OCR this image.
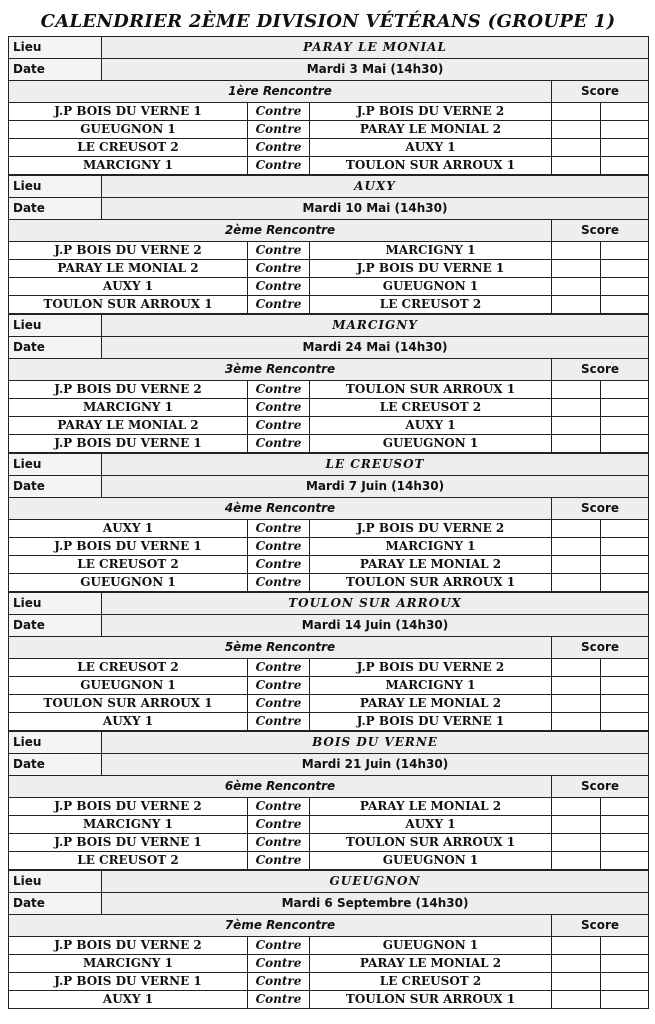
CALENDRIER 2ÈME DIVISION VÉTÉRANS (GROUPE 1)
Lieu	PARAY LE MONIAL				
Date	Mardi 3 Mai (14h30)				
1ère Rencontre				Score	
J.P BOIS DU VERNE 1		Contre	J.P BOIS DU VERNE 2		
GUEUGNON 1		Contre	PARAY LE MONIAL 2		
LE CREUSOT 2		Contre	AUXY 1		
MARCIGNY 1		Contre	TOULON SUR ARROUX 1		
Lieu	AUXY				
Date	Mardi 10 Mai (14h30)				
2ème Rencontre				Score	
J.P BOIS DU VERNE 2		Contre	MARCIGNY 1		
PARAY LE MONIAL 2		Contre	J.P BOIS DU VERNE 1		
AUXY 1		Contre	GUEUGNON 1		
TOULON SUR ARROUX 1		Contre	LE CREUSOT 2		
Lieu	MARCIGNY				
Date	Mardi 24 Mai (14h30)				
3ème Rencontre				Score	
J.P BOIS DU VERNE 2		Contre	TOULON SUR ARROUX 1		
MARCIGNY 1		Contre	LE CREUSOT 2		
PARAY LE MONIAL 2		Contre	AUXY 1		
J.P BOIS DU VERNE 1		Contre	GUEUGNON 1		
Lieu	LE CREUSOT				
Date	Mardi 7 Juin (14h30)				
4ème Rencontre				Score	
AUXY 1		Contre	J.P BOIS DU VERNE 2		
J.P BOIS DU VERNE 1		Contre	MARCIGNY 1		
LE CREUSOT 2		Contre	PARAY LE MONIAL 2		
GUEUGNON 1		Contre	TOULON SUR ARROUX 1		
Lieu	TOULON SUR ARROUX				
Date	Mardi 14 Juin (14h30)				
5ème Rencontre				Score	
LE CREUSOT 2		Contre	J.P BOIS DU VERNE 2		
GUEUGNON 1		Contre	MARCIGNY 1		
TOULON SUR ARROUX 1		Contre	PARAY LE MONIAL 2		
AUXY 1		Contre	J.P BOIS DU VERNE 1		
Lieu	BOIS DU VERNE				
Date	Mardi 21 Juin (14h30)				
6ème Rencontre				Score	
J.P BOIS DU VERNE 2		Contre	PARAY LE MONIAL 2		
MARCIGNY 1		Contre	AUXY 1		
J.P BOIS DU VERNE 1		Contre	TOULON SUR ARROUX 1		
LE CREUSOT 2		Contre	GUEUGNON 1		
Lieu	GUEUGNON				
Date	Mardi 6 Septembre (14h30)				
7ème Rencontre				Score	
J.P BOIS DU VERNE 2		Contre	GUEUGNON 1		
MARCIGNY 1		Contre	PARAY LE MONIAL 2		
J.P BOIS DU VERNE 1		Contre	LE CREUSOT 2		
AUXY 1		Contre	TOULON SUR ARROUX 1		
